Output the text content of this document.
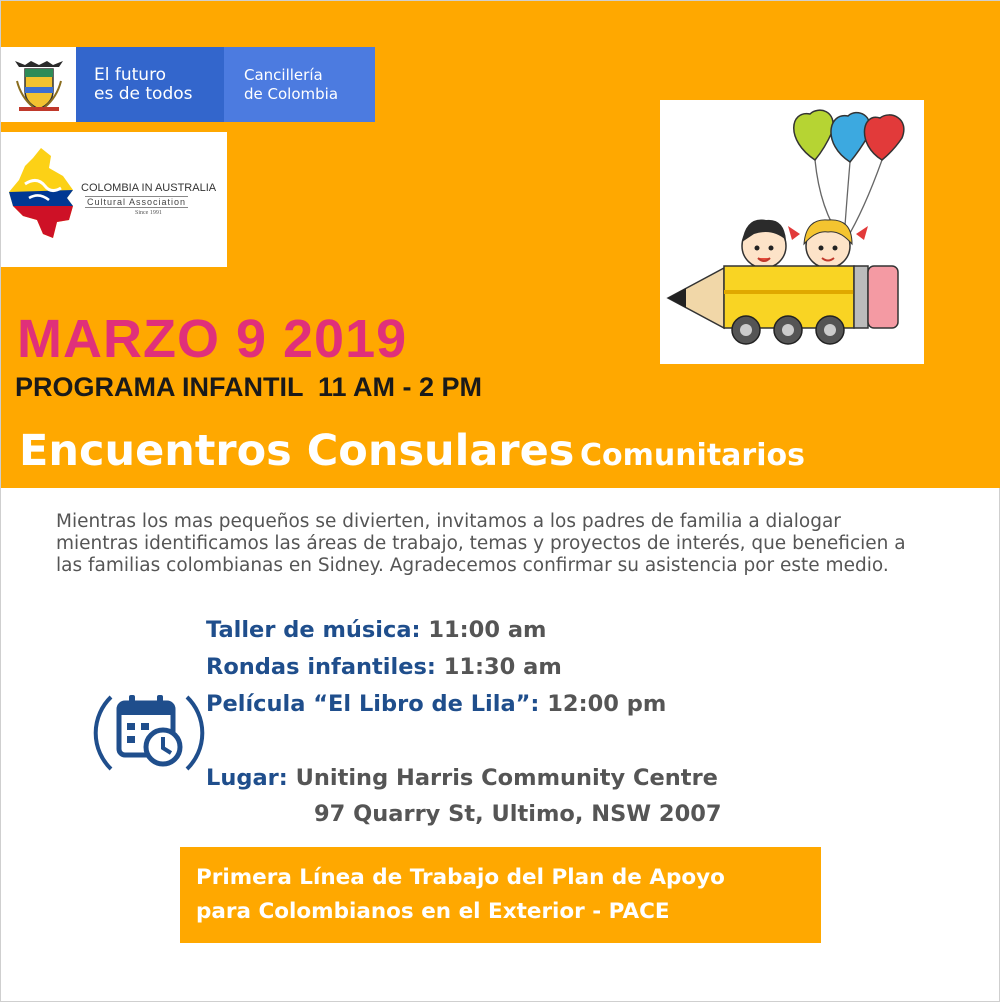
El futuro
es de todos
Cancillería
de Colombia
COLOMBIA IN AUSTRALIA
Cultural Association
Since 1991
MARZO 9 2019
PROGRAMA INFANTIL  11 AM - 2 PM
Encuentros Consulares Comunitarios
Mientras los mas pequeños se divierten, invitamos a los padres de familia a dialogar mientras identificamos las áreas de trabajo, temas y proyectos de interés, que beneficien a las familias colombianas en Sidney. Agradecemos confirmar su asistencia por este medio.
Taller de música: 11:00 am
Rondas infantiles: 11:30 am
Película “El Libro de Lila”: 12:00 pm
Lugar: Uniting Harris Community Centre
97 Quarry St, Ultimo, NSW 2007
Primera Línea de Trabajo del Plan de Apoyo
para Colombianos en el Exterior - PACE
